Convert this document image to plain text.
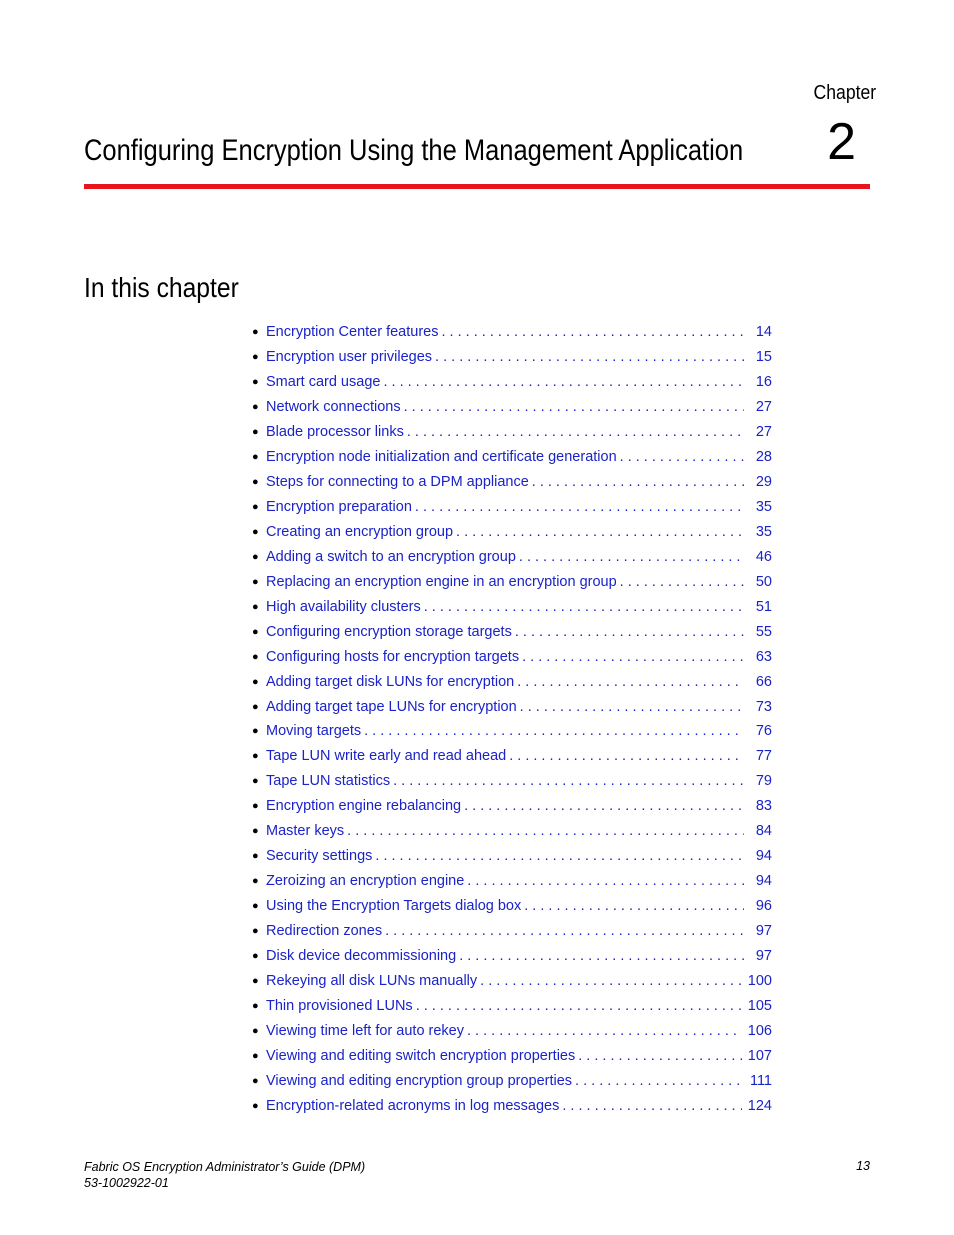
Chapter
Configuring Encryption Using the Management Application 2
In this chapter
● Encryption Center features . . .	14
● Encryption user privileges . . .	15
● Smart card usage . . .	16
● Network connections . . .	27
● Blade processor links . . .	27
● Encryption node initialization and certificate generation . . .	28
● Steps for connecting to a DPM appliance . . .	29
● Encryption preparation . . .	35
● Creating an encryption group . . .	35
● Adding a switch to an encryption group . . .	46
● Replacing an encryption engine in an encryption group . . .	50
● High availability clusters . . .	51
● Configuring encryption storage targets . . .	55
● Configuring hosts for encryption targets . . .	63
● Adding target disk LUNs for encryption . . .	66
● Adding target tape LUNs for encryption . . .	73
● Moving targets . . .	76
● Tape LUN write early and read ahead . . .	77
● Tape LUN statistics . . .	79
● Encryption engine rebalancing . . .	83
● Master keys . . .	84
● Security settings . . .	94
● Zeroizing an encryption engine . . .	94
● Using the Encryption Targets dialog box . . .	96
● Redirection zones . . .	97
● Disk device decommissioning . . .	97
● Rekeying all disk LUNs manually . . .	100
● Thin provisioned LUNs . . .	105
● Viewing time left for auto rekey . . .	106
● Viewing and editing switch encryption properties . . .	107
● Viewing and editing encryption group properties . . .	111
● Encryption-related acronyms in log messages . . .	124
Fabric OS Encryption Administrator’s Guide (DPM)
53-1002922-01
13
